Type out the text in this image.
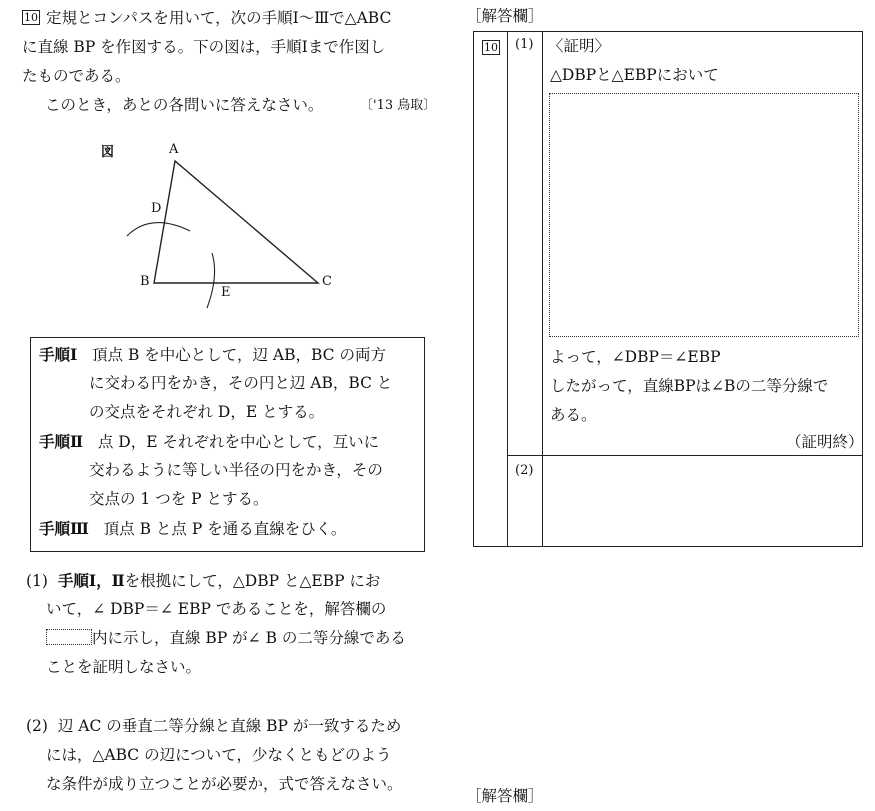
10 定規とコンパスを用いて，次の手順Ⅰ～Ⅲで△ABC
に直線 BP を作図する。下の図は，手順Ⅰまで作図し
たものである。
このとき，あとの各問いに答えなさい。	〔'13 鳥取〕
図	A
B	C
D
E
手順Ⅰ 頂点 B を中心として，辺 AB，BC の両方
に交わる円をかき，その円と辺 AB，BC と
の交点をそれぞれ D，E とする。
手順Ⅱ 点 D，E それぞれを中心として，互いに
交わるように等しい半径の円をかき，その
交点の 1 つを P とする。
手順Ⅲ 頂点 B と点 P を通る直線をひく。
(1) 手順Ⅰ，Ⅱを根拠にして，△DBP と△EBP にお
いて，∠ DBP＝∠ EBP であることを，解答欄の
内に示し，直線 BP が∠ B の二等分線である
ことを証明しなさい。
(2) 辺 AC の垂直二等分線と直線 BP が一致するため
には，△ABC の辺について，少なくともどのよう
な条件が成り立つことが必要か，式で答えなさい。
［解答欄］
10 (1)
(2)
〈証明〉
△DBPと△EBPにおいて
よって，∠DBP＝∠EBP
したがって，直線BPは∠Bの二等分線で
ある。
（証明終）
［解答欄］
